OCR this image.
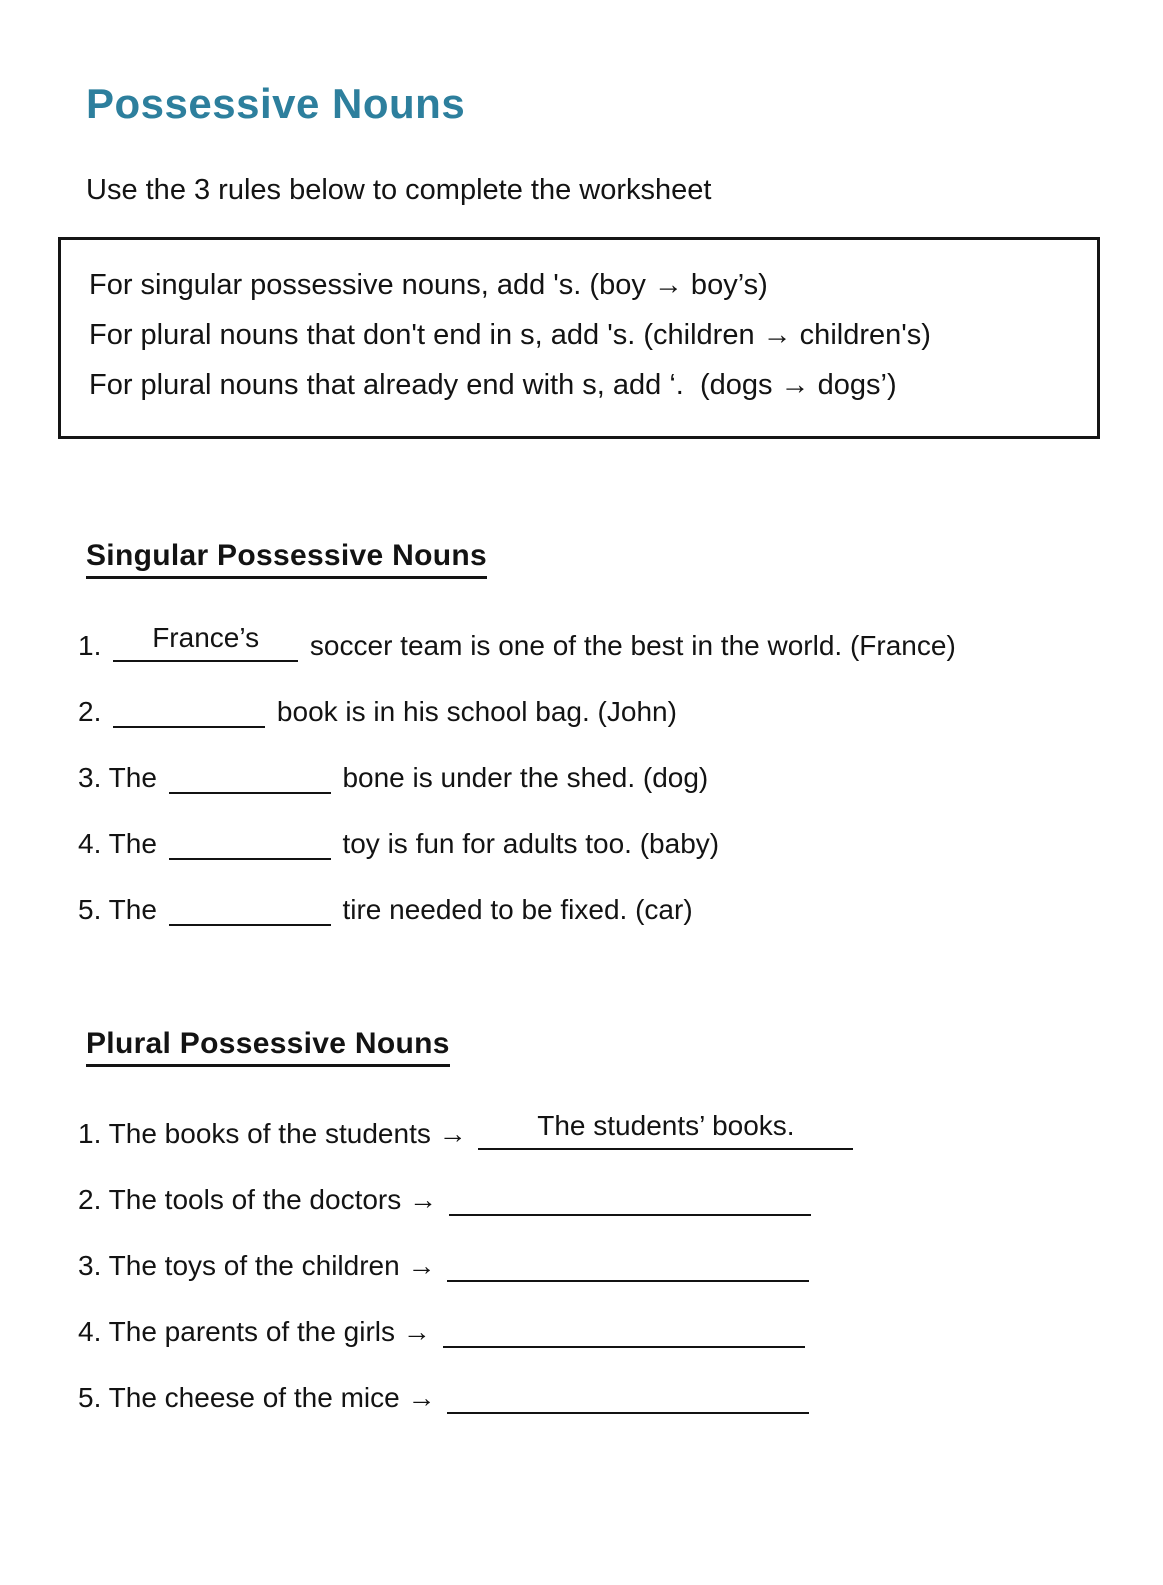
Possessive Nouns
Use the 3 rules below to complete the worksheet
For singular possessive nouns, add 's. (boy → boy’s)
For plural nouns that don't end in s, add 's. (children → children's)
For plural nouns that already end with s, add ‘.  (dogs → dogs’)
Singular Possessive Nouns
1.	France’s	soccer team is one of the best in the world. (France)
2.	book is in his school bag. (John)
3. The	bone is under the shed. (dog)
4. The	toy is fun for adults too. (baby)
5. The	tire needed to be fixed. (car)
Plural Possessive Nouns
1. The books of the students →	The students’ books.
2. The tools of the doctors →
3. The toys of the children →
4. The parents of the girls →
5. The cheese of the mice →
